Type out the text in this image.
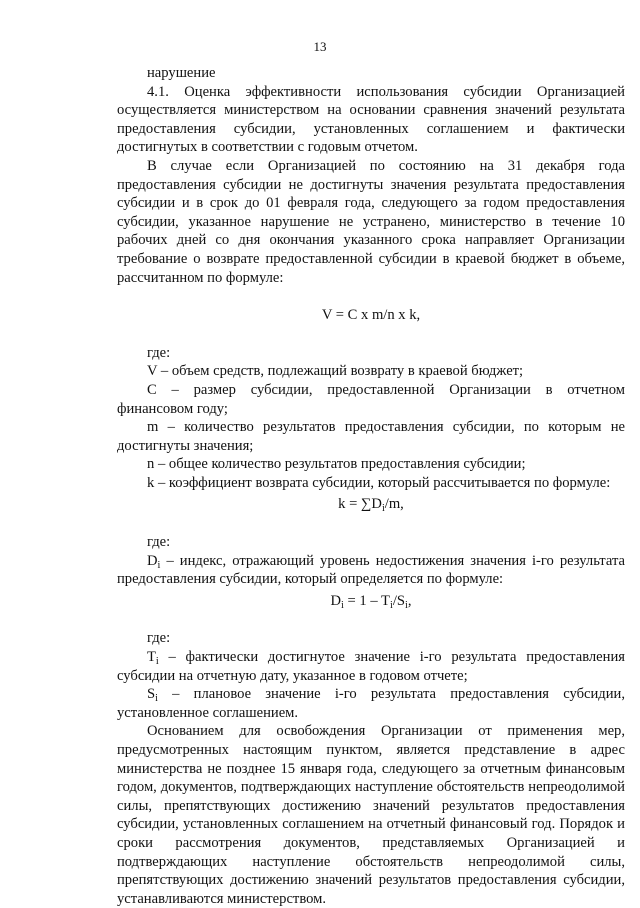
13

нарушение

4.1. Оценка эффективности использования субсидии Организацией осуществляется министерством на основании сравнения значений результата предоставления субсидии, установленных соглашением и фактически достигнутых в соответствии с годовым отчетом.

В случае если Организацией по состоянию на 31 декабря года предоставления субсидии не достигнуты значения результата предоставления субсидии и в срок до 01 февраля года, следующего за годом предоставления субсидии, указанное нарушение не устранено, министерство в течение 10 рабочих дней со дня окончания указанного срока направляет Организации требование о возврате предоставленной субсидии в краевой бюджет в объеме, рассчитанном по формуле:

V = C x m/n x k,

где:

V – объем средств, подлежащий возврату в краевой бюджет;

C – размер субсидии, предоставленной Организации в отчетном финансовом году;

m – количество результатов предоставления субсидии, по которым не достигнуты значения;

n – общее количество результатов предоставления субсидии;

k – коэффициент возврата субсидии, который рассчитывается по формуле:

$k = \sum D_i/m$,

где:

$D_i$ – индекс, отражающий уровень недостижения значения i-го результата предоставления субсидии, который определяется по формуле:

$D_i = 1 - T_i/S_i$,

где:

$T_i$ – фактически достигнутое значение i-го результата предоставления субсидии на отчетную дату, указанное в годовом отчете;

$S_i$ – плановое значение i-го результата предоставления субсидии, установленное соглашением.

Основанием для освобождения Организации от применения мер, предусмотренных настоящим пунктом, является представление в адрес министерства не позднее 15 января года, следующего за отчетным финансовым годом, документов, подтверждающих наступление обстоятельств непреодолимой силы, препятствующих достижению значений результатов предоставления субсидии, установленных соглашением на отчетный финансовый год. Порядок и сроки рассмотрения документов, представляемых Организацией и подтверждающих наступление обстоятельств непреодолимой силы, препятствующих достижению значений результатов предоставления субсидии, устанавливаются министерством.
